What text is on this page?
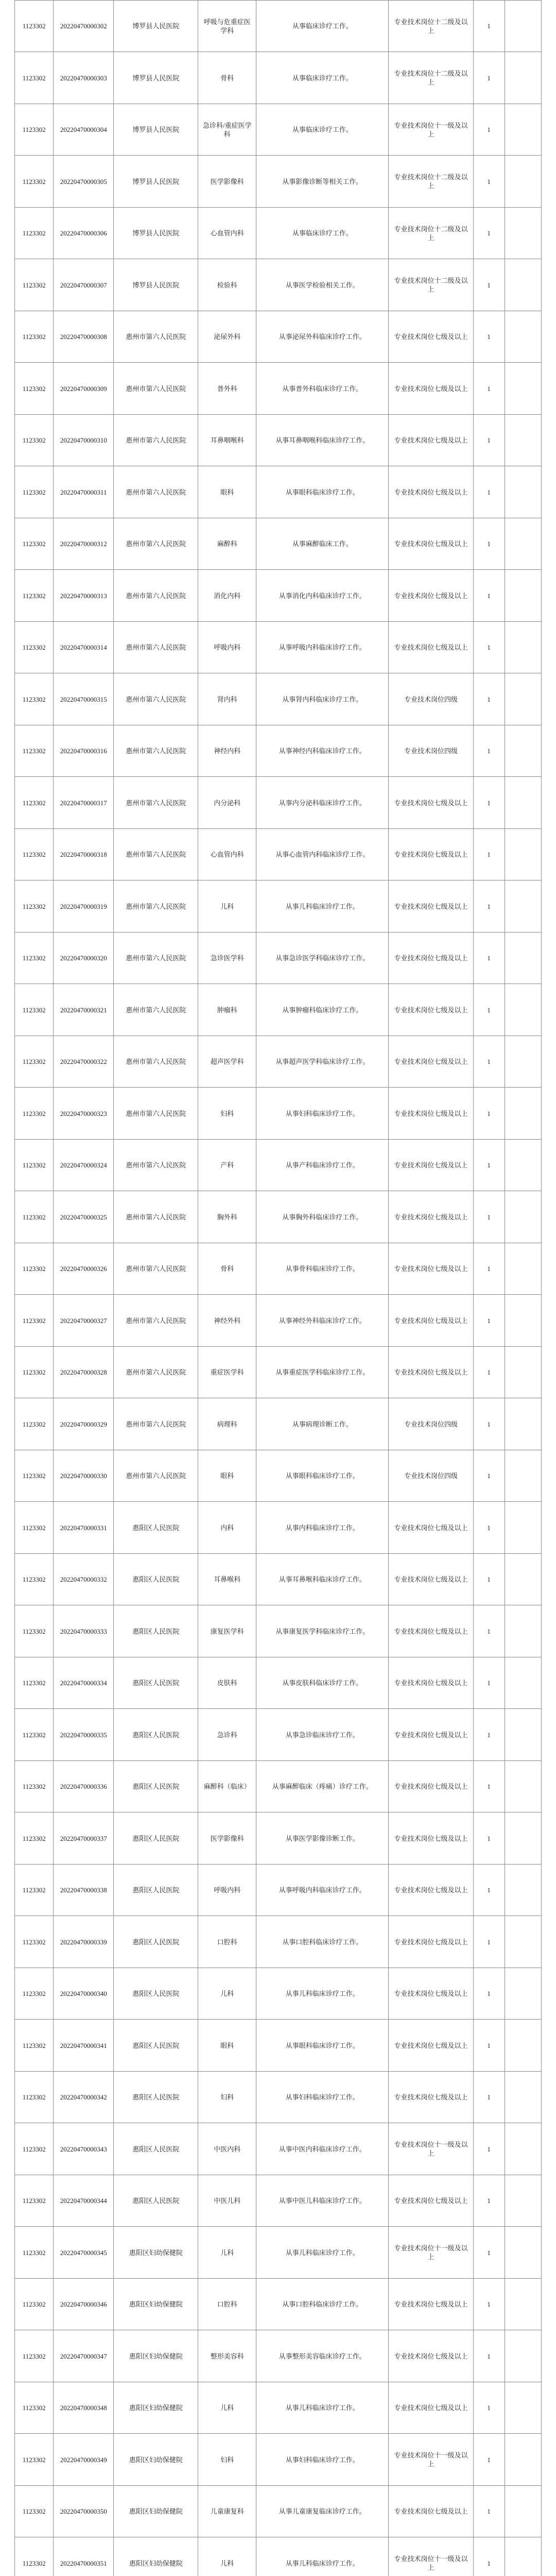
1123302	20220470000302	博罗县人民医院	呼吸与危重症医学科	从事临床诊疗工作。	专业技术岗位十二级及以上	1	
1123302	20220470000303	博罗县人民医院	骨科	从事临床诊疗工作。	专业技术岗位十二级及以上	1	
1123302	20220470000304	博罗县人民医院	急诊科/重症医学科	从事临床诊疗工作。	专业技术岗位十一级及以上	1	
1123302	20220470000305	博罗县人民医院	医学影像科	从事影像诊断等相关工作。	专业技术岗位十二级及以上	1	
1123302	20220470000306	博罗县人民医院	心血管内科	从事临床诊疗工作。	专业技术岗位十二级及以上	1	
1123302	20220470000307	博罗县人民医院	检验科	从事医学检验相关工作。	专业技术岗位十二级及以上	1	
1123302	20220470000308	惠州市第六人民医院	泌尿外科	从事泌尿外科临床诊疗工作。	专业技术岗位七级及以上	1	
1123302	20220470000309	惠州市第六人民医院	普外科	从事普外科临床诊疗工作。	专业技术岗位七级及以上	1	
1123302	20220470000310	惠州市第六人民医院	耳鼻咽喉科	从事耳鼻咽喉科临床诊疗工作。	专业技术岗位七级及以上	1	
1123302	20220470000311	惠州市第六人民医院	眼科	从事眼科临床诊疗工作。	专业技术岗位七级及以上	1	
1123302	20220470000312	惠州市第六人民医院	麻醉科	从事麻醉临床工作。	专业技术岗位七级及以上	1	
1123302	20220470000313	惠州市第六人民医院	消化内科	从事消化内科临床诊疗工作。	专业技术岗位七级及以上	1	
1123302	20220470000314	惠州市第六人民医院	呼吸内科	从事呼吸内科临床诊疗工作。	专业技术岗位七级及以上	1	
1123302	20220470000315	惠州市第六人民医院	肾内科	从事肾内科临床诊疗工作。	专业技术岗位四级	1	
1123302	20220470000316	惠州市第六人民医院	神经内科	从事神经内科临床诊疗工作。	专业技术岗位四级	1	
1123302	20220470000317	惠州市第六人民医院	内分泌科	从事内分泌科临床诊疗工作。	专业技术岗位七级及以上	1	
1123302	20220470000318	惠州市第六人民医院	心血管内科	从事心血管内科临床诊疗工作。	专业技术岗位七级及以上	1	
1123302	20220470000319	惠州市第六人民医院	儿科	从事儿科临床诊疗工作。	专业技术岗位七级及以上	1	
1123302	20220470000320	惠州市第六人民医院	急诊医学科	从事急诊医学科临床诊疗工作。	专业技术岗位七级及以上	1	
1123302	20220470000321	惠州市第六人民医院	肿瘤科	从事肿瘤科临床诊疗工作。	专业技术岗位七级及以上	1	
1123302	20220470000322	惠州市第六人民医院	超声医学科	从事超声医学科临床诊疗工作。	专业技术岗位七级及以上	1	
1123302	20220470000323	惠州市第六人民医院	妇科	从事妇科临床诊疗工作。	专业技术岗位七级及以上	1	
1123302	20220470000324	惠州市第六人民医院	产科	从事产科临床诊疗工作。	专业技术岗位七级及以上	1	
1123302	20220470000325	惠州市第六人民医院	胸外科	从事胸外科临床诊疗工作。	专业技术岗位七级及以上	1	
1123302	20220470000326	惠州市第六人民医院	骨科	从事骨科临床诊疗工作。	专业技术岗位七级及以上	1	
1123302	20220470000327	惠州市第六人民医院	神经外科	从事神经外科临床诊疗工作。	专业技术岗位七级及以上	1	
1123302	20220470000328	惠州市第六人民医院	重症医学科	从事重症医学科临床诊疗工作。	专业技术岗位七级及以上	1	
1123302	20220470000329	惠州市第六人民医院	病理科	从事病理诊断工作。	专业技术岗位四级	1	
1123302	20220470000330	惠州市第六人民医院	眼科	从事眼科临床诊疗工作。	专业技术岗位四级	1	
1123302	20220470000331	惠阳区人民医院	内科	从事内科临床诊疗工作。	专业技术岗位七级及以上	1	
1123302	20220470000332	惠阳区人民医院	耳鼻喉科	从事耳鼻喉科临床诊疗工作。	专业技术岗位七级及以上	1	
1123302	20220470000333	惠阳区人民医院	康复医学科	从事康复医学科临床诊疗工作。	专业技术岗位七级及以上	1	
1123302	20220470000334	惠阳区人民医院	皮肤科	从事皮肤科临床诊疗工作。	专业技术岗位七级及以上	1	
1123302	20220470000335	惠阳区人民医院	急诊科	从事急诊临床诊疗工作。	专业技术岗位七级及以上	1	
1123302	20220470000336	惠阳区人民医院	麻醉科（临床）	从事麻醉临床（疼痛）诊疗工作。	专业技术岗位七级及以上	1	
1123302	20220470000337	惠阳区人民医院	医学影像科	从事医学影像诊断工作。	专业技术岗位七级及以上	1	
1123302	20220470000338	惠阳区人民医院	呼吸内科	从事呼吸内科临床诊疗工作。	专业技术岗位七级及以上	1	
1123302	20220470000339	惠阳区人民医院	口腔科	从事口腔科临床诊疗工作。	专业技术岗位七级及以上	1	
1123302	20220470000340	惠阳区人民医院	儿科	从事儿科临床诊疗工作。	专业技术岗位七级及以上	1	
1123302	20220470000341	惠阳区人民医院	眼科	从事眼科临床诊疗工作。	专业技术岗位七级及以上	1	
1123302	20220470000342	惠阳区人民医院	妇科	从事妇科临床诊疗工作。	专业技术岗位七级及以上	1	
1123302	20220470000343	惠阳区人民医院	中医内科	从事中医内科临床诊疗工作。	专业技术岗位十一级及以上	1	
1123302	20220470000344	惠阳区人民医院	中医儿科	从事中医儿科临床诊疗工作。	专业技术岗位七级及以上	1	
1123302	20220470000345	惠阳区妇幼保健院	儿科	从事儿科临床诊疗工作。	专业技术岗位十一级及以上	1	
1123302	20220470000346	惠阳区妇幼保健院	口腔科	从事口腔科临床诊疗工作。	专业技术岗位七级及以上	1	
1123302	20220470000347	惠阳区妇幼保健院	整形美容科	从事整形美容临床诊疗工作。	专业技术岗位七级及以上	1	
1123302	20220470000348	惠阳区妇幼保健院	儿科	从事儿科临床诊疗工作。	专业技术岗位七级及以上	1	
1123302	20220470000349	惠阳区妇幼保健院	妇科	从事妇科临床诊疗工作。	专业技术岗位十一级及以上	1	
1123302	20220470000350	惠阳区妇幼保健院	儿童康复科	从事儿童康复临床诊疗工作。	专业技术岗位七级及以上	1	
1123302	20220470000351	惠阳区妇幼保健院	儿科	从事儿科临床诊疗工作。	专业技术岗位十一级及以上	1	
